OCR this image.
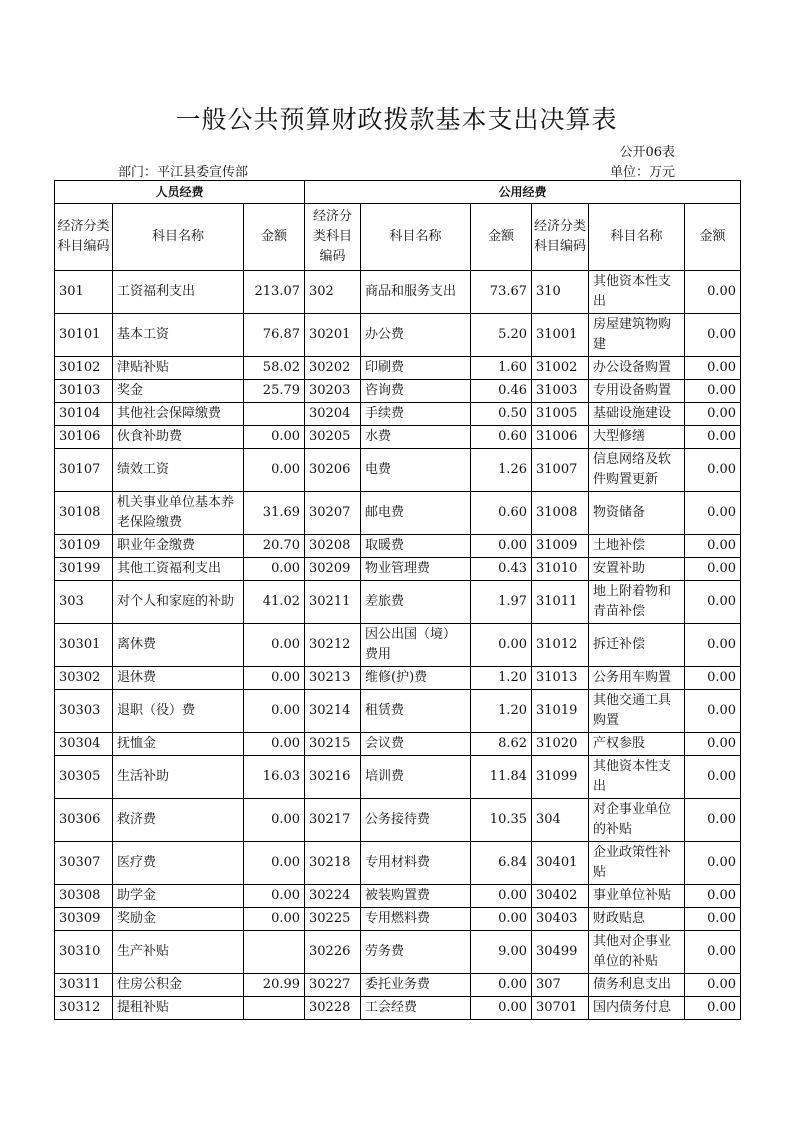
一般公共预算财政拨款基本支出决算表
公开06表
部门：平江县委宣传部	单位：万元
人员经费			公用经费					
经济分类科目编码	科目名称	金额	经济分类科目编码	科目名称	金额	经济分类科目编码	科目名称	金额
301	工资福利支出	213.07	302	商品和服务支出	73.67	310	其他资本性支出	0.00
30101	基本工资	76.87	30201	办公费	5.20	31001	房屋建筑物购建	0.00
30102	津贴补贴	58.02	30202	印刷费	1.60	31002	办公设备购置	0.00
30103	奖金	25.79	30203	咨询费	0.46	31003	专用设备购置	0.00
30104	其他社会保障缴费		30204	手续费	0.50	31005	基础设施建设	0.00
30106	伙食补助费	0.00	30205	水费	0.60	31006	大型修缮	0.00
30107	绩效工资	0.00	30206	电费	1.26	31007	信息网络及软件购置更新	0.00
30108	机关事业单位基本养老保险缴费	31.69	30207	邮电费	0.60	31008	物资储备	0.00
30109	职业年金缴费	20.70	30208	取暖费	0.00	31009	土地补偿	0.00
30199	其他工资福利支出	0.00	30209	物业管理费	0.43	31010	安置补助	0.00
303	对个人和家庭的补助	41.02	30211	差旅费	1.97	31011	地上附着物和青苗补偿	0.00
30301	离休费	0.00	30212	因公出国（境）费用	0.00	31012	拆迁补偿	0.00
30302	退休费	0.00	30213	维修(护)费	1.20	31013	公务用车购置	0.00
30303	退职（役）费	0.00	30214	租赁费	1.20	31019	其他交通工具购置	0.00
30304	抚恤金	0.00	30215	会议费	8.62	31020	产权参股	0.00
30305	生活补助	16.03	30216	培训费	11.84	31099	其他资本性支出	0.00
30306	救济费	0.00	30217	公务接待费	10.35	304	对企事业单位的补贴	0.00
30307	医疗费	0.00	30218	专用材料费	6.84	30401	企业政策性补贴	0.00
30308	助学金	0.00	30224	被装购置费	0.00	30402	事业单位补贴	0.00
30309	奖励金	0.00	30225	专用燃料费	0.00	30403	财政贴息	0.00
30310	生产补贴		30226	劳务费	9.00	30499	其他对企事业单位的补贴	0.00
30311	住房公积金	20.99	30227	委托业务费	0.00	307	债务利息支出	0.00
30312	提租补贴		30228	工会经费	0.00	30701	国内债务付息	0.00
